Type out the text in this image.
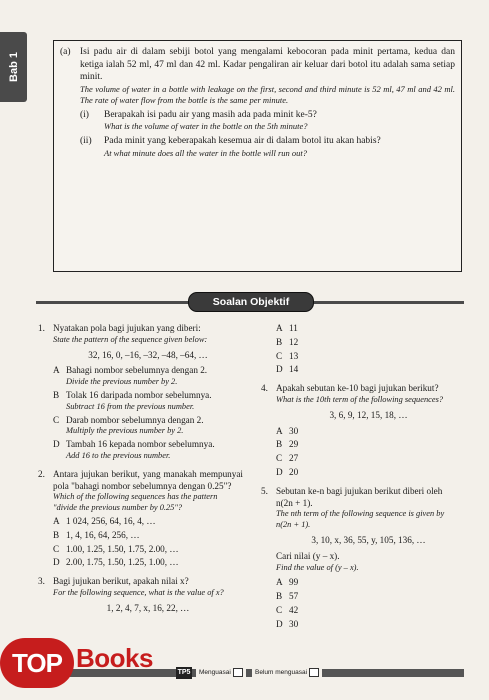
Bab 1
(a) Isi padu air di dalam sebiji botol yang mengalami kebocoran pada minit pertama, kedua dan ketiga ialah 52 ml, 47 ml dan 42 ml. Kadar pengaliran air keluar dari botol itu adalah sama setiap minit.
The volume of water in a bottle with leakage on the first, second and third minute is 52 ml, 47 ml and 42 ml. The rate of water flow from the bottle is the same per minute.
(i)	Berapakah isi padu air yang masih ada pada minit ke-5?
What is the volume of water in the bottle on the 5th minute?
(ii)	Pada minit yang keberapakah kesemua air di dalam botol itu akan habis?
At what minute does all the water in the bottle will run out?
Soalan Objektif
1. Nyatakan pola bagi jujukan yang diberi:
State the pattern of the sequence given below:
32, 16, 0, –16, –32, –48, –64, …
A Bahagi nombor sebelumnya dengan 2.
Divide the previous number by 2.
B Tolak 16 daripada nombor sebelumnya.
Subtract 16 from the previous number.
C Darab nombor sebelumnya dengan 2.
Multiply the previous number by 2.
D Tambah 16 kepada nombor sebelumnya.
Add 16 to the previous number.
2. Antara jujukan berikut, yang manakah mempunyai pola "bahagi nombor sebelumnya dengan 0.25"?
Which of the following sequences has the pattern "divide the previous number by 0.25"?
A 1 024, 256, 64, 16, 4, …
B 1, 4, 16, 64, 256, …
C 1.00, 1.25, 1.50, 1.75, 2.00, …
D 2.00, 1.75, 1.50, 1.25, 1.00, …
3. Bagi jujukan berikut, apakah nilai x?
For the following sequence, what is the value of x?
1, 2, 4, 7, x, 16, 22, …
A 11
B 12
C 13
D 14
4. Apakah sebutan ke-10 bagi jujukan berikut?
What is the 10th term of the following sequences?
3, 6, 9, 12, 15, 18, …
A 30
B 29
C 27
D 20
5. Sebutan ke-n bagi jujukan berikut diberi oleh n(2n + 1).
The nth term of the following sequence is given by n(2n + 1).
3, 10, x, 36, 55, y, 105, 136, …
Cari nilai (y – x).
Find the value of (y – x).
A 99
B 57
C 42
D 30
TP5	Menguasai	Belum menguasai
TOP Books
